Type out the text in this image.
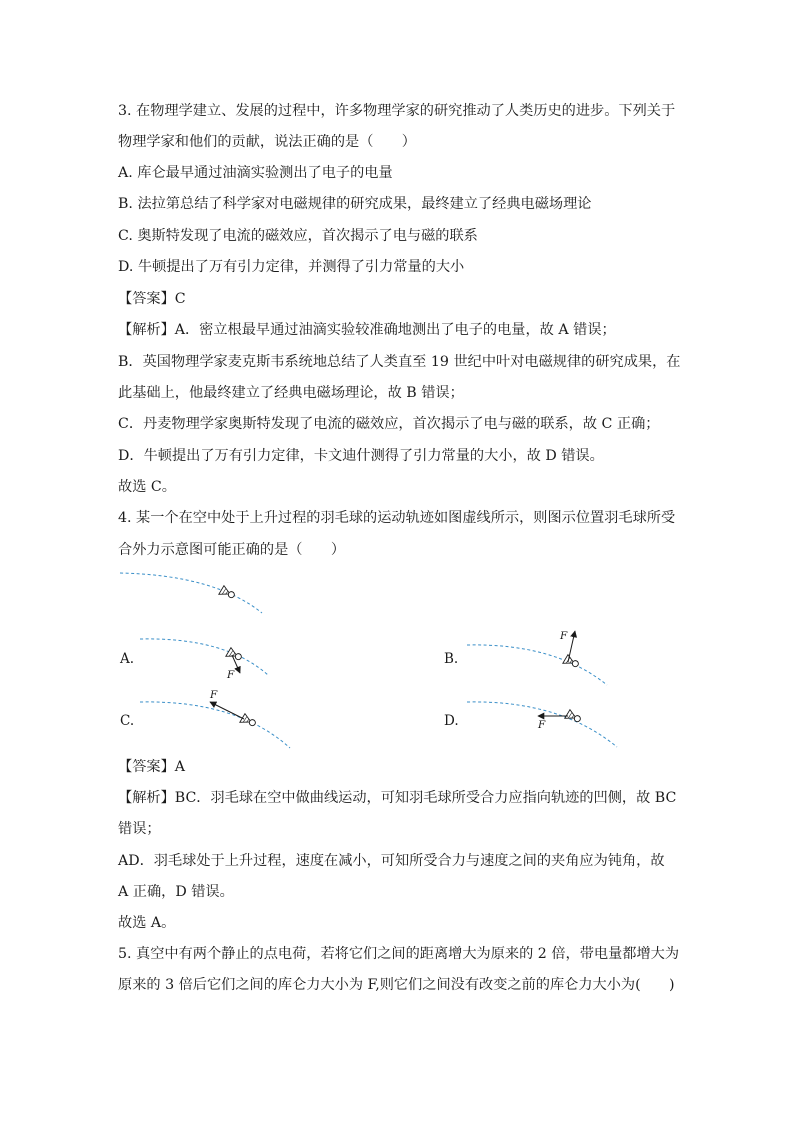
3. 在物理学建立、发展的过程中，许多物理学家的研究推动了人类历史的进步。下列关于
物理学家和他们的贡献，说法正确的是（　　）
A. 库仑最早通过油滴实验测出了电子的电量
B. 法拉第总结了科学家对电磁规律的研究成果，最终建立了经典电磁场理论
C. 奥斯特发现了电流的磁效应，首次揭示了电与磁的联系
D. 牛顿提出了万有引力定律，并测得了引力常量的大小
【答案】C
【解析】A．密立根最早通过油滴实验较准确地测出了电子的电量，故 A 错误；
B．英国物理学家麦克斯韦系统地总结了人类直至 19 世纪中叶对电磁规律的研究成果，在
此基础上，他最终建立了经典电磁场理论，故 B 错误；
C．丹麦物理学家奥斯特发现了电流的磁效应，首次揭示了电与磁的联系，故 C 正确；
D．牛顿提出了万有引力定律，卡文迪什测得了引力常量的大小，故 D 错误。
故选 C。
4. 某一个在空中处于上升过程的羽毛球的运动轨迹如图虚线所示，则图示位置羽毛球所受
合外力示意图可能正确的是（　　）
A.
F
B.
F
C.
F
D.	F
【答案】A
【解析】BC．羽毛球在空中做曲线运动，可知羽毛球所受合力应指向轨迹的凹侧，故 BC
错误；
AD．羽毛球处于上升过程，速度在减小，可知所受合力与速度之间的夹角应为钝角，故
A 正确，D 错误。
故选 A。
5. 真空中有两个静止的点电荷，若将它们之间的距离增大为原来的 2 倍，带电量都增大为
原来的 3 倍后它们之间的库仑力大小为 F,则它们之间没有改变之前的库仑力大小为(　　)
